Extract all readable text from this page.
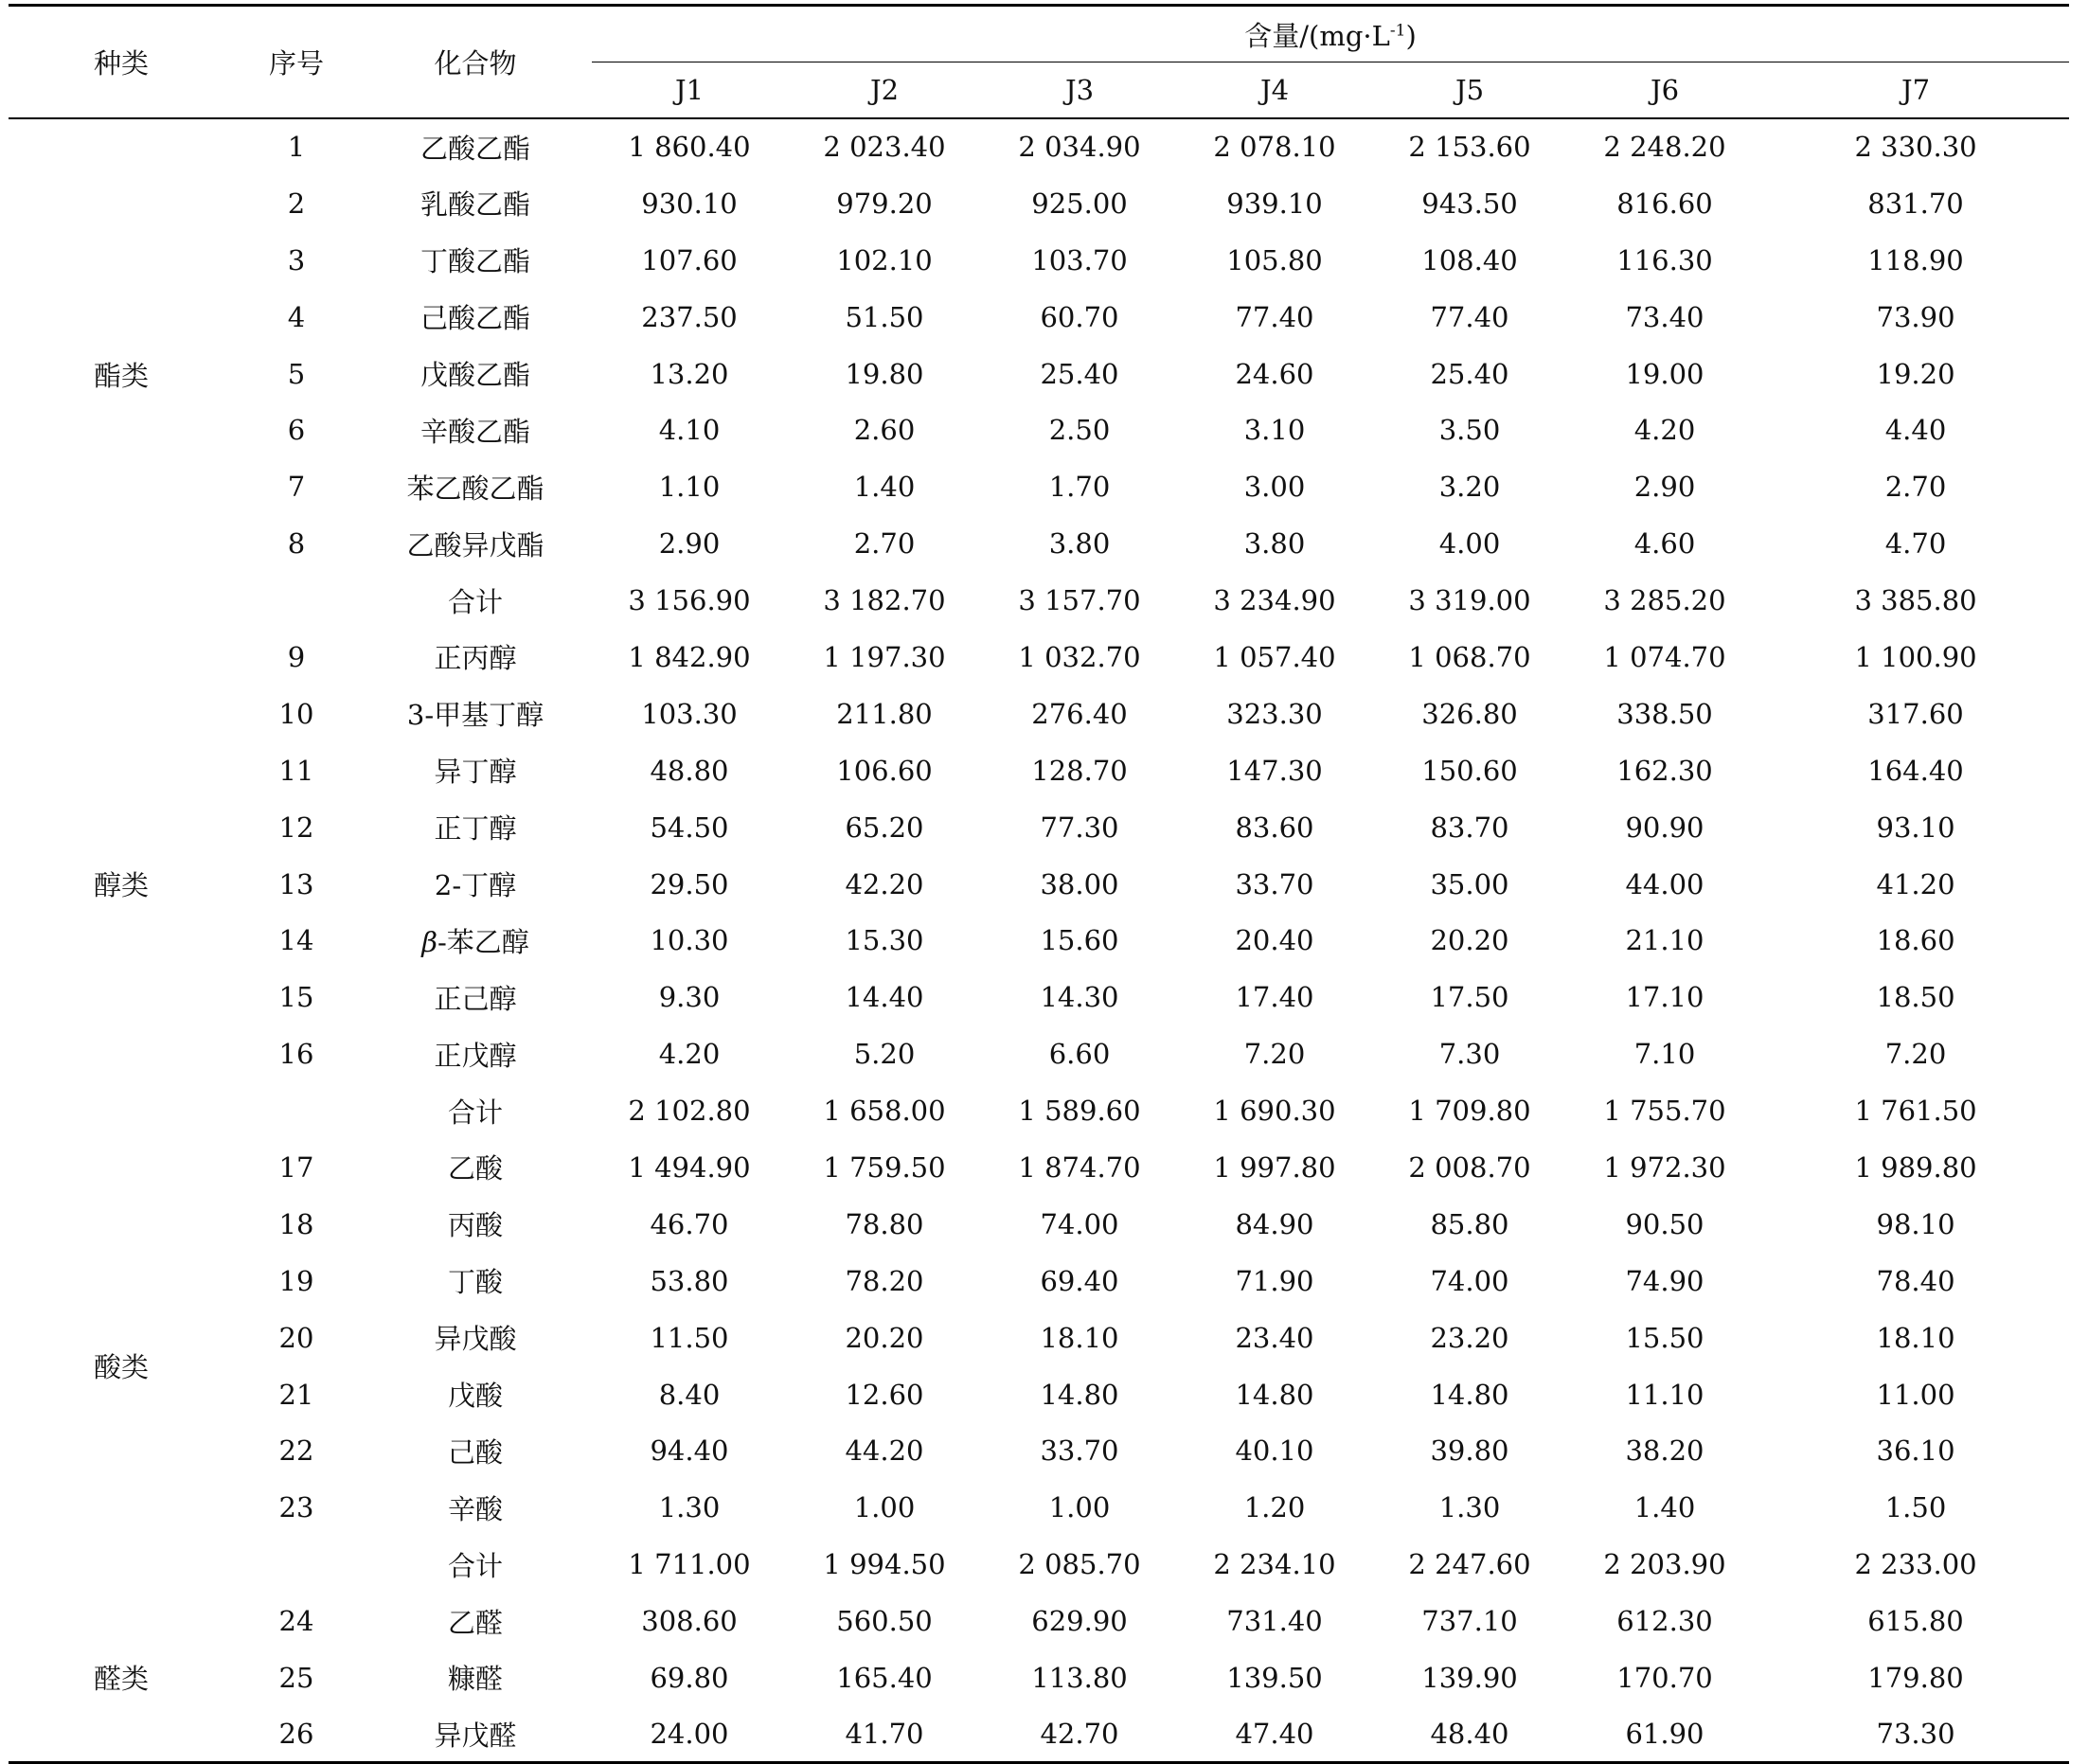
种类	序号	化合物	含量$/(mg\cdot L^{-1})$						
			J1	J2	J3	J4	J5	J6	J7
酯类	1	乙酸乙酯	1 860.40	2 023.40	2 034.90	2 078.10	2 153.60	2 248.20	2 330.30
	2	乳酸乙酯	930.10	979.20	925.00	939.10	943.50	816.60	831.70
	3	丁酸乙酯	107.60	102.10	103.70	105.80	108.40	116.30	118.90
	4	己酸乙酯	237.50	51.50	60.70	77.40	77.40	73.40	73.90
	5	戊酸乙酯	13.20	19.80	25.40	24.60	25.40	19.00	19.20
	6	辛酸乙酯	4.10	2.60	2.50	3.10	3.50	4.20	4.40
	7	苯乙酸乙酯	1.10	1.40	1.70	3.00	3.20	2.90	2.70
	8	乙酸异戊酯	2.90	2.70	3.80	3.80	4.00	4.60	4.70
		合计	3 156.90	3 182.70	3 157.70	3 234.90	3 319.00	3 285.20	3 385.80
醇类	9	正丙醇	1 842.90	1 197.30	1 032.70	1 057.40	1 068.70	1 074.70	1 100.90
	10	3-甲基丁醇	103.30	211.80	276.40	323.30	326.80	338.50	317.60
	11	异丁醇	48.80	106.60	128.70	147.30	150.60	162.30	164.40
	12	正丁醇	54.50	65.20	77.30	83.60	83.70	90.90	93.10
	13	2-丁醇	29.50	42.20	38.00	33.70	35.00	44.00	41.20
	14	β-苯乙醇	10.30	15.30	15.60	20.40	20.20	21.10	18.60
	15	正己醇	9.30	14.40	14.30	17.40	17.50	17.10	18.50
	16	正戊醇	4.20	5.20	6.60	7.20	7.30	7.10	7.20
		合计	2 102.80	1 658.00	1 589.60	1 690.30	1 709.80	1 755.70	1 761.50
酸类	17	乙酸	1 494.90	1 759.50	1 874.70	1 997.80	2 008.70	1 972.30	1 989.80
	18	丙酸	46.70	78.80	74.00	84.90	85.80	90.50	98.10
	19	丁酸	53.80	78.20	69.40	71.90	74.00	74.90	78.40
	20	异戊酸	11.50	20.20	18.10	23.40	23.20	15.50	18.10
	21	戊酸	8.40	12.60	14.80	14.80	14.80	11.10	11.00
	22	己酸	94.40	44.20	33.70	40.10	39.80	38.20	36.10
	23	辛酸	1.30	1.00	1.00	1.20	1.30	1.40	1.50
		合计	1 711.00	1 994.50	2 085.70	2 234.10	2 247.60	2 203.90	2 233.00
醛类	24	乙醛	308.60	560.50	629.90	731.40	737.10	612.30	615.80
	25	糠醛	69.80	165.40	113.80	139.50	139.90	170.70	179.80
	26	异戊醛	24.00	41.70	42.70	47.40	48.40	61.90	73.30
